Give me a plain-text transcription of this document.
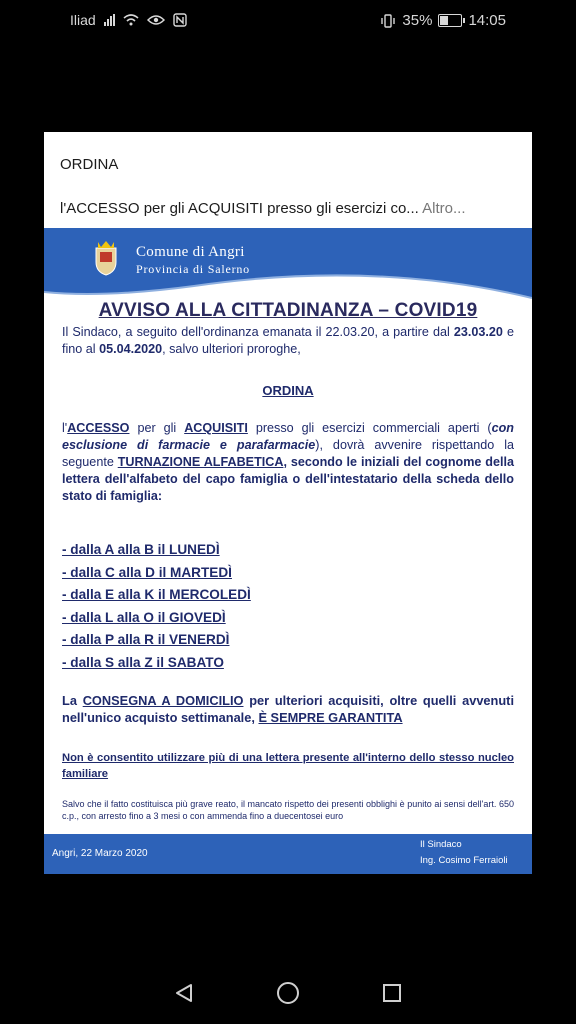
Iliad	35% 14:05
ORDINA
l'ACCESSO per gli ACQUISITI presso gli esercizi co... Altro...
Comune di Angri
Provincia di Salerno
AVVISO ALLA CITTADINANZA – COVID19
Il Sindaco, a seguito dell'ordinanza emanata il 22.03.20, a partire dal 23.03.20 e fino al 05.04.2020, salvo ulteriori proroghe,
ORDINA
l'ACCESSO per gli ACQUISITI presso gli esercizi commerciali aperti (con esclusione di farmacie e parafarmacie), dovrà avvenire rispettando la seguente TURNAZIONE ALFABETICA, secondo le iniziali del cognome della lettera dell'alfabeto del capo famiglia o dell'intestatario della scheda dello stato di famiglia:
- dalla A alla B il LUNEDÌ
- dalla C alla D il MARTEDÌ
- dalla E alla K il MERCOLEDÌ
- dalla L alla O il GIOVEDÌ
- dalla P alla R il VENERDÌ
- dalla S alla Z il SABATO
La CONSEGNA A DOMICILIO per ulteriori acquisiti, oltre quelli avvenuti nell'unico acquisto settimanale, È SEMPRE GARANTITA
Non è consentito utilizzare più di una lettera presente all'interno dello stesso nucleo familiare
Salvo che il fatto costituisca più grave reato, il mancato rispetto dei presenti obblighi è punito ai sensi dell'art. 650 c.p., con arresto fino a 3 mesi o con ammenda fino a duecentosei euro
Angri, 22 Marzo 2020
Il Sindaco
Ing. Cosimo Ferraioli
